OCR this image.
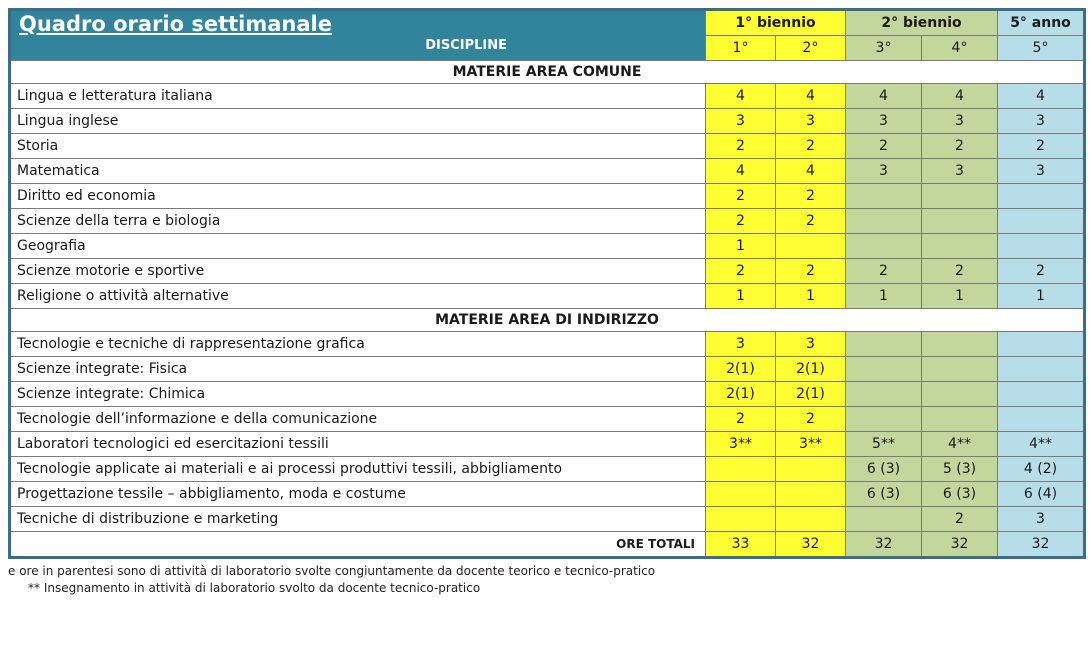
Quadro orario settimanale
DISCIPLINE	1° biennio		2° biennio		5° anno
	1°	2°	3°	4°	5°
MATERIE AREA COMUNE					
Lingua e letteratura italiana	4	4	4	4	4
Lingua inglese	3	3	3	3	3
Storia	2	2	2	2	2
Matematica	4	4	3	3	3
Diritto ed economia	2	2			
Scienze della terra e biologia	2	2			
Geografia	1				
Scienze motorie e sportive	2	2	2	2	2
Religione o attività alternative	1	1	1	1	1
MATERIE AREA DI INDIRIZZO					
Tecnologie e tecniche di rappresentazione grafica	3	3			
Scienze integrate: Fisica	2(1)	2(1)			
Scienze integrate: Chimica	2(1)	2(1)			
Tecnologie dell’informazione e della comunicazione	2	2			
Laboratori tecnologici ed esercitazioni tessili	3**	3**	5**	4**	4**
Tecnologie applicate ai materiali e ai processi produttivi tessili, abbigliamento			6 (3)	5 (3)	4 (2)
Progettazione tessile – abbigliamento, moda e costume			6 (3)	6 (3)	6 (4)
Tecniche di distribuzione e marketing				2	3
ORE TOTALI	33	32	32	32	32
e ore in parentesi sono di attività di laboratorio svolte congiuntamente da docente teorico e tecnico-pratico
** Insegnamento in attività di laboratorio svolto da docente tecnico-pratico
